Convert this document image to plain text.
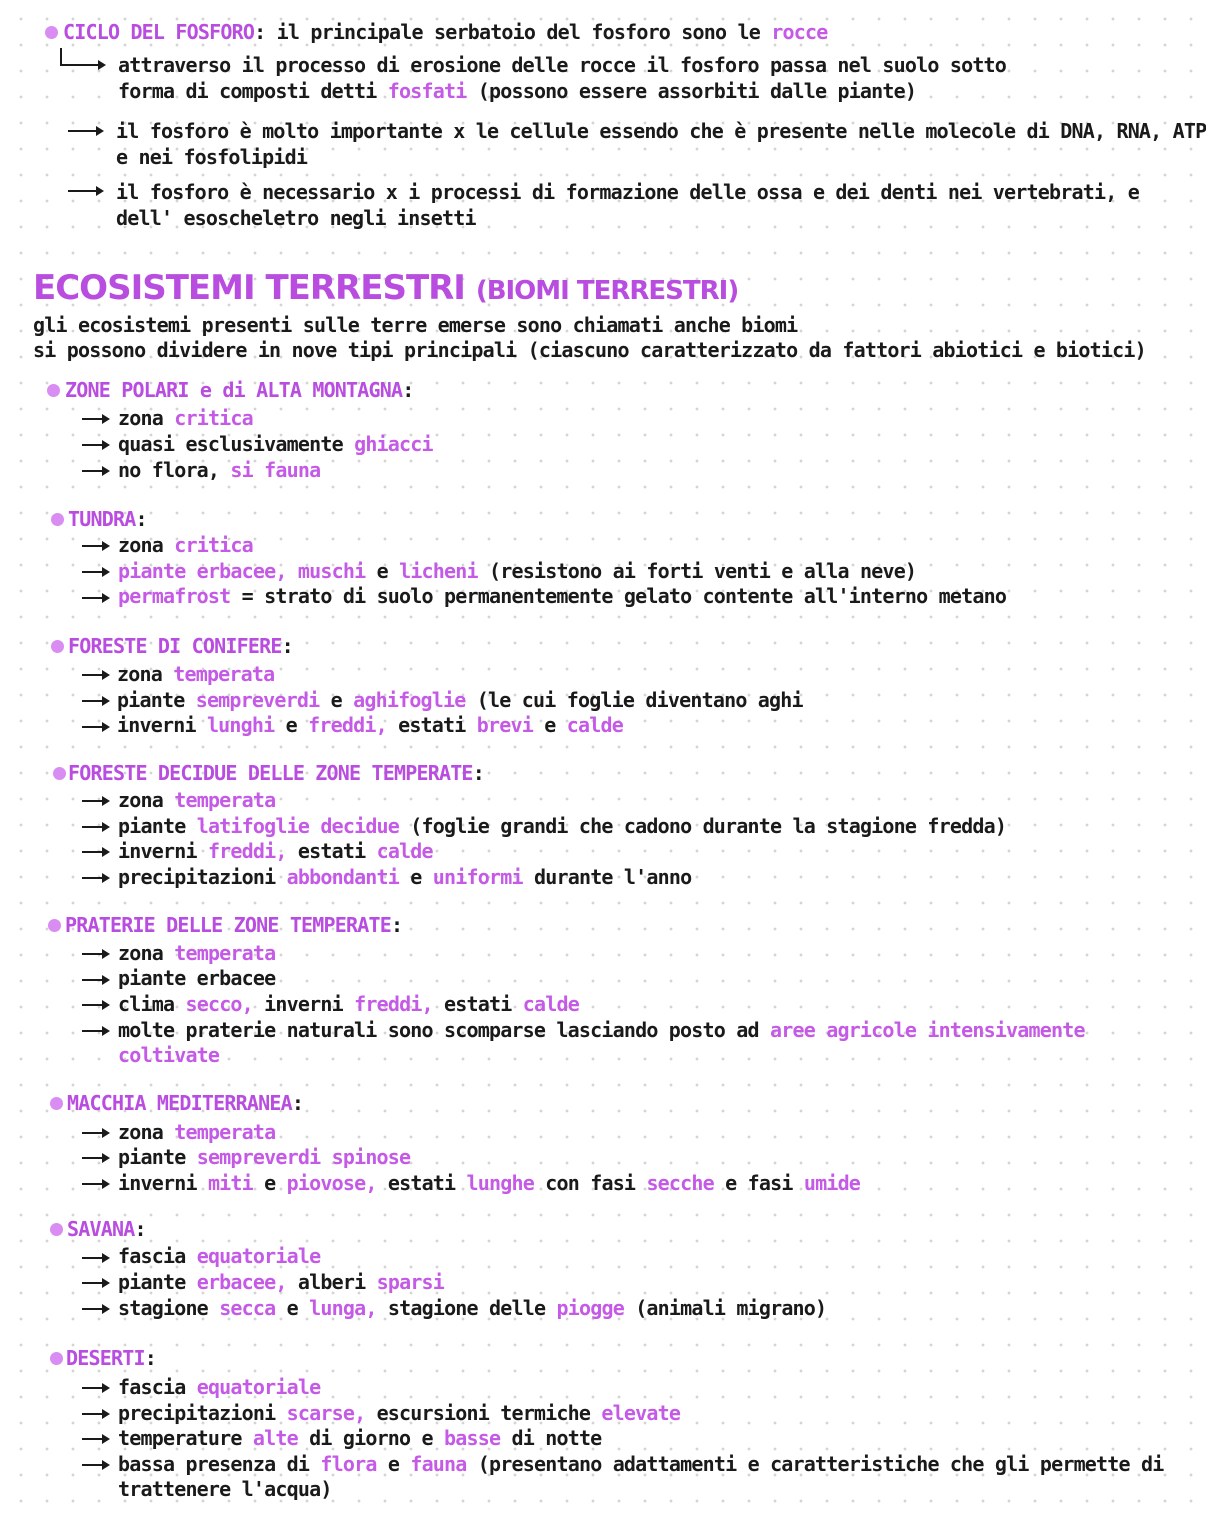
CICLO DEL FOSFORO: il principale serbatoio del fosforo sono le rocce
attraverso il processo di erosione delle rocce il fosforo passa nel suolo sotto
forma di composti detti fosfati (possono essere assorbiti dalle piante)
il fosforo è molto importante x le cellule essendo che è presente nelle molecole di DNA, RNA, ATP
e nei fosfolipidi
il fosforo è necessario x i processi di formazione delle ossa e dei denti nei vertebrati, e
dell' esoscheletro negli insetti
ECOSISTEMI TERRESTRI (BIOMI TERRESTRI)
gli ecosistemi presenti sulle terre emerse sono chiamati anche biomi
si possono dividere in nove tipi principali (ciascuno caratterizzato da fattori abiotici e biotici)
ZONE POLARI e di ALTA MONTAGNA:
zona critica
quasi esclusivamente ghiacci
no flora, si fauna
TUNDRA:
zona critica
piante erbacee, muschi e licheni (resistono ai forti venti e alla neve)
permafrost = strato di suolo permanentemente gelato contente all'interno metano
FORESTE DI CONIFERE:
zona temperata
piante sempreverdi e aghifoglie (le cui foglie diventano aghi
inverni lunghi e freddi, estati brevi e calde
FORESTE DECIDUE DELLE ZONE TEMPERATE:
zona temperata
piante latifoglie decidue (foglie grandi che cadono durante la stagione fredda)
inverni freddi, estati calde
precipitazioni abbondanti e uniformi durante l'anno
PRATERIE DELLE ZONE TEMPERATE:
zona temperata
piante erbacee
clima secco, inverni freddi, estati calde
molte praterie naturali sono scomparse lasciando posto ad aree agricole intensivamente
coltivate
MACCHIA MEDITERRANEA:
zona temperata
piante sempreverdi spinose
inverni miti e piovose, estati lunghe con fasi secche e fasi umide
SAVANA:
fascia equatoriale
piante erbacee, alberi sparsi
stagione secca e lunga, stagione delle piogge (animali migrano)
DESERTI:
fascia equatoriale
precipitazioni scarse, escursioni termiche elevate
temperature alte di giorno e basse di notte
bassa presenza di flora e fauna (presentano adattamenti e caratteristiche che gli permette di
trattenere l'acqua)
